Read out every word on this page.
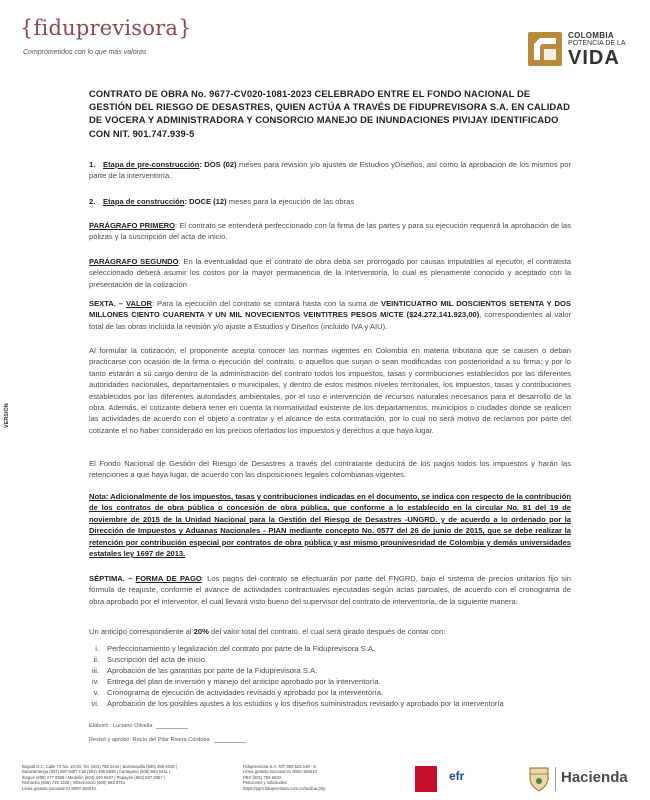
{fiduprevisora}
Comprometidos con lo que más valoras
COLOMBIA
POTENCIA DE LA
VIDA
VERSIÓN
CONTRATO DE OBRA No. 9677-CV020-1081-2023 CELEBRADO ENTRE EL FONDO NACIONAL DE GESTIÓN DEL RIESGO DE DESASTRES, QUIEN ACTÚA A TRAVÉS DE FIDUPREVISORA S.A. EN CALIDAD DE VOCERA Y ADMINISTRADORA Y CONSORCIO MANEJO DE INUNDACIONES PIVIJAY IDENTIFICADO CON NIT. 901.747.939-5
1. Etapa de pre-construcción: DOS (02) meses para revisión y/o ajustes de Estudios yDiseños, así como la aprobación de los mismos por parte de la interventoría.
2. Etapa de construcción: DOCE (12) meses para la ejecución de las obras
PARÁGRAFO PRIMERO: El contrato se entenderá perfeccionado con la firma de las partes y para su ejecución requerirá la aprobación de las pólizas y la suscripción del acta de inicio.
PARÁGRAFO SEGUNDO: En la eventualidad que el contrato de obra deba ser prorrogado por causas imputables al ejecutor, el contratista seleccionado deberá asumir los costos por la mayor permanencia de la Interventoría, lo cual es plenamente conocido y aceptado con la presentación de la cotización
SEXTA. – VALOR: Para la ejecución del contrato se contará hasta con la suma de VEINTICUATRO MIL DOSCIENTOS SETENTA Y DOS MILLONES CIENTO CUARENTA Y UN MIL NOVECIENTOS VEINTITRES PESOS M/CTE ($24.272.141.923,00), correspondientes al valor total de las obras incluida la revisión y/o ajuste a Estudios y Diseños (incluido IVA y AIU).
Al formular la cotización, el proponente acepta conocer las normas vigentes en Colombia en materia tributaria que se causen o deban practicarse con ocasión de la firma o ejecución del contrato, o aquellos que surjan o sean modificadas con posterioridad a su firma; y por lo tanto estarán a su cargo dentro de la administración del contrato todos los impuestos, tasas y contribuciones establecidos por las diferentes autoridades nacionales, departamentales o municipales, y dentro de estos mismos niveles territoriales, los impuestos, tasas y contribuciones establecidos por las diferentes autoridades ambientales, por el uso e intervención de recursos naturales necesarios para el desarrollo de la obra. Además, el cotizante deberá tener en cuenta la normatividad existente de los departamentos, municipios o ciudades donde se realicen las actividades de acuerdo con el objeto a contratar y el alcance de esta contratación, por lo cual no será motivo de reclamos por parte del cotizante el no haber considerado en los precios ofertados los impuestos y derechos a que haya lugar.
El Fondo Nacional de Gestión del Riesgo de Desastres a través del contratante deducirá de los pagos todos los impuestos y harán las retenciones a que haya lugar, de acuerdo con las disposiciones legales colombianas vigentes.
Nota: Adicionalmente de los impuestos, tasas y contribuciones indicadas en el documento, se indica con respecto de la contribución de los contratos de obra pública o concesión de obra pública, que conforme a lo establecido en la circular No. 81 del 19 de noviembre de 2015 de la Unidad Nacional para la Gestión del Riesgo de Desastres -UNGRD. y de acuerdo a lo ordenado por la Dirección de Impuestos y Aduanas Nacionales - PIAN mediante concepto No. 0577 del 26 de junio de 2015, que se debe realizar la retención por contribución especial por contratos de obra pública y así mismo prounivesridad de Colombia y demás universidades estatales ley 1697 de 2013.
SÉPTIMA. – FORMA DE PAGO: Los pagos del contrato se efectuarán por parte del FNGRD, bajo el sistema de precios unitarios fijo sin fórmula de reajuste, conforme el avance de actividades contractuales ejecutadas según actas parciales, de acuerdo con el cronograma de obra aprobado por el interventor, el cual llevará visto bueno del supervisor del contrato de interventoría, de la siguiente manera:
Un anticipo correspondiente al 20% del valor total del contrato, el cual será girado después de contar con:
i.	Perfeccionamiento y legalización del contrato por parte de la Fiduprevisora S.A.
ii.	Suscripción del acta de inicio.
iii.	Aprobación de las garantías por parte de la Fiduprevisora S.A.
iv.	Entrega del plan de inversión y manejo del anticipo aprobado por la interventoría.
v.	Cronograma de ejecución de actividades revisado y aprobado por la interventoría.
vi.	Aprobación de los posibles ajustes a los estudios y los diseños suministrados revisado y aprobado por la interventoría
Elaboró : Luciano Olivella
Revisó y aprobó: Rocío del Pilar Rivera Córdoba
Bogotá D.C. Calle 72 No. 10-03, Tel. (601) 756 2444 | Barranquilla (605) 385 4018 |
Bucaramanga (607) 687 9487 Cali (602) 485 5838 | Cartagena (605) 693 6411 |
Ibagué (608) 277 0659 | Medellín (604) 340 0937 | Popayán (602) 837 3367 |
Riohacha (605) 729 1328 | Villavicencio (608) 683 3751
Línea gratuita nacional 01 8000 180510
Fiduprevisora S.A. NIT 860.525.148 - 5
Línea gratuita nacional 01 8000 180510
PBX (601) 756 6633
Peticiones y solicitudes:
https://pqrs.fiduprevisora.com.co/radicar.php
efr	Hacienda
